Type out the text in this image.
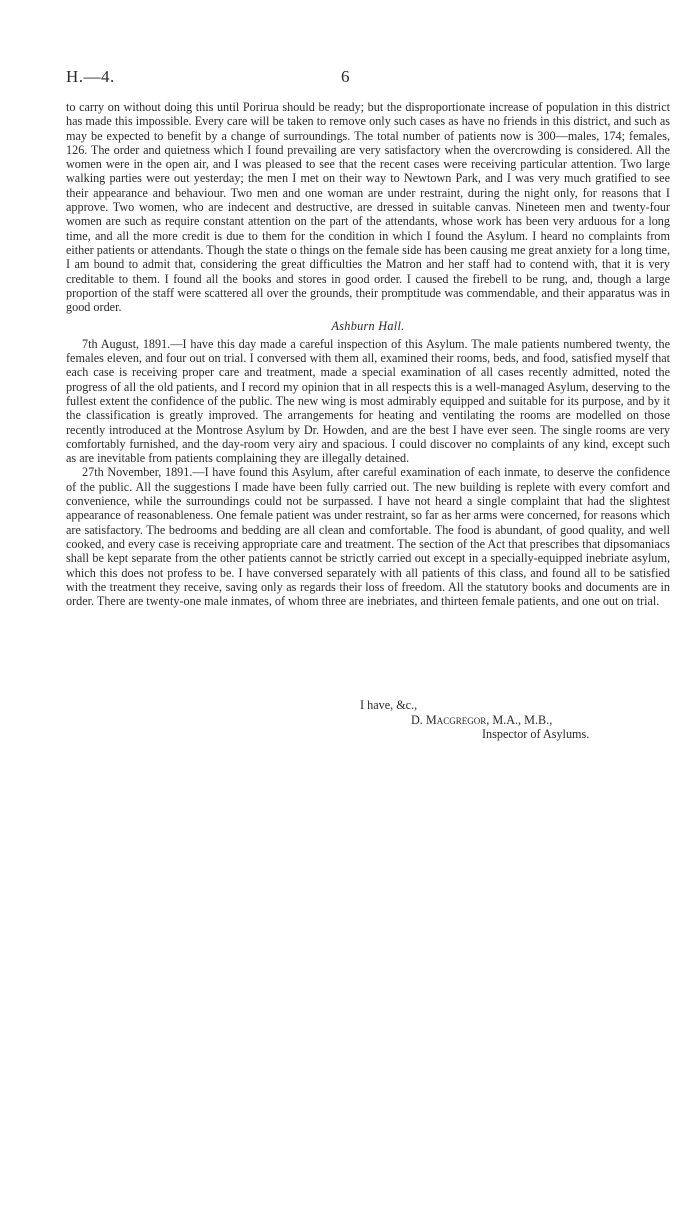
H.—4.	6

to carry on without doing this until Porirua should be ready; but the disproportionate increase of population in this district has made this impossible. Every care will be taken to remove only such cases as have no friends in this district, and such as may be expected to benefit by a change of surroundings. The total number of patients now is 300—males, 174; females, 126. The order and quietness which I found prevailing are very satisfactory when the overcrowding is considered. All the women were in the open air, and I was pleased to see that the recent cases were receiving particular attention. Two large walking parties were out yesterday; the men I met on their way to Newtown Park, and I was very much gratified to see their appearance and behaviour. Two men and one woman are under restraint, during the night only, for reasons that I approve. Two women, who are indecent and destructive, are dressed in suitable canvas. Nineteen men and twenty-four women are such as require constant attention on the part of the attendants, whose work has been very arduous for a long time, and all the more credit is due to them for the condition in which I found the Asylum. I heard no complaints from either patients or attendants. Though the state o things on the female side has been causing me great anxiety for a long time, I am bound to admit that, considering the great difficulties the Matron and her staff had to contend with, that it is very creditable to them. I found all the books and stores in good order. I caused the firebell to be rung, and, though a large proportion of the staff were scattered all over the grounds, their promptitude was commendable, and their apparatus was in good order.

Ashburn Hall.

7th August, 1891.—I have this day made a careful inspection of this Asylum. The male patients numbered twenty, the females eleven, and four out on trial. I conversed with them all, examined their rooms, beds, and food, satisfied myself that each case is receiving proper care and treatment, made a special examination of all cases recently admitted, noted the progress of all the old patients, and I record my opinion that in all respects this is a well-managed Asylum, deserving to the fullest extent the confidence of the public. The new wing is most admirably equipped and suitable for its purpose, and by it the classification is greatly improved. The arrangements for heating and ventilating the rooms are modelled on those recently introduced at the Montrose Asylum by Dr. Howden, and are the best I have ever seen. The single rooms are very comfortably furnished, and the day-room very airy and spacious. I could discover no complaints of any kind, except such as are inevitable from patients complaining they are illegally detained.

27th November, 1891.—I have found this Asylum, after careful examination of each inmate, to deserve the confidence of the public. All the suggestions I made have been fully carried out. The new building is replete with every comfort and convenience, while the surroundings could not be surpassed. I have not heard a single complaint that had the slightest appearance of reasonableness. One female patient was under restraint, so far as her arms were concerned, for reasons which are satisfactory. The bedrooms and bedding are all clean and comfortable. The food is abundant, of good quality, and well cooked, and every case is receiving appropriate care and treatment. The section of the Act that prescribes that dipsomaniacs shall be kept separate from the other patients cannot be strictly carried out except in a specially-equipped inebriate asylum, which this does not profess to be. I have conversed separately with all patients of this class, and found all to be satisfied with the treatment they receive, saving only as regards their loss of freedom. All the statutory books and documents are in order. There are twenty-one male inmates, of whom three are inebriates, and thirteen female patients, and one out on trial.

I have, &c.,
D. Macgregor, M.A., M.B.,
Inspector of Asylums.
